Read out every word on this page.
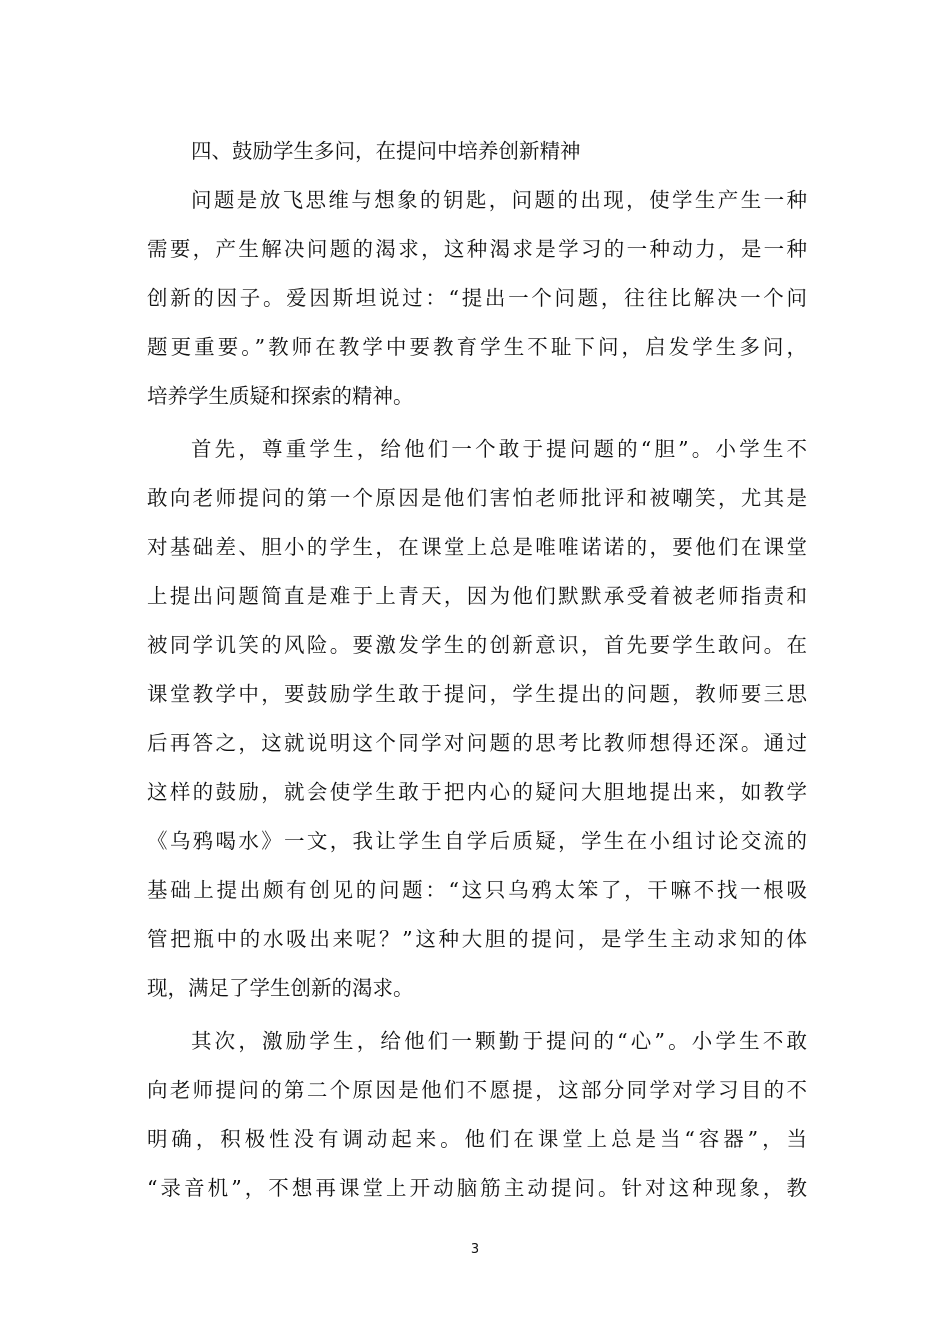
四、鼓励学生多问，在提问中培养创新精神

问题是放飞思维与想象的钥匙，问题的出现，使学生产生一种

需要，产生解决问题的渴求，这种渴求是学习的一种动力，是一种

创新的因子。爱因斯坦说过：“提出一个问题，往往比解决一个问

题更重要。”教师在教学中要教育学生不耻下问，启发学生多问，

培养学生质疑和探索的精神。

首先，尊重学生，给他们一个敢于提问题的“胆”。小学生不

敢向老师提问的第一个原因是他们害怕老师批评和被嘲笑，尤其是

对基础差、胆小的学生，在课堂上总是唯唯诺诺的，要他们在课堂

上提出问题简直是难于上青天，因为他们默默承受着被老师指责和

被同学讥笑的风险。要激发学生的创新意识，首先要学生敢问。在

课堂教学中，要鼓励学生敢于提问，学生提出的问题，教师要三思

后再答之，这就说明这个同学对问题的思考比教师想得还深。通过

这样的鼓励，就会使学生敢于把内心的疑问大胆地提出来，如教学

《乌鸦喝水》一文，我让学生自学后质疑，学生在小组讨论交流的

基础上提出颇有创见的问题：“这只乌鸦太笨了，干嘛不找一根吸

管把瓶中的水吸出来呢？”这种大胆的提问，是学生主动求知的体

现，满足了学生创新的渴求。

其次，激励学生，给他们一颗勤于提问的“心”。小学生不敢

向老师提问的第二个原因是他们不愿提，这部分同学对学习目的不

明确，积极性没有调动起来。他们在课堂上总是当“容器”，当

“录音机”，不想再课堂上开动脑筋主动提问。针对这种现象，教

3
